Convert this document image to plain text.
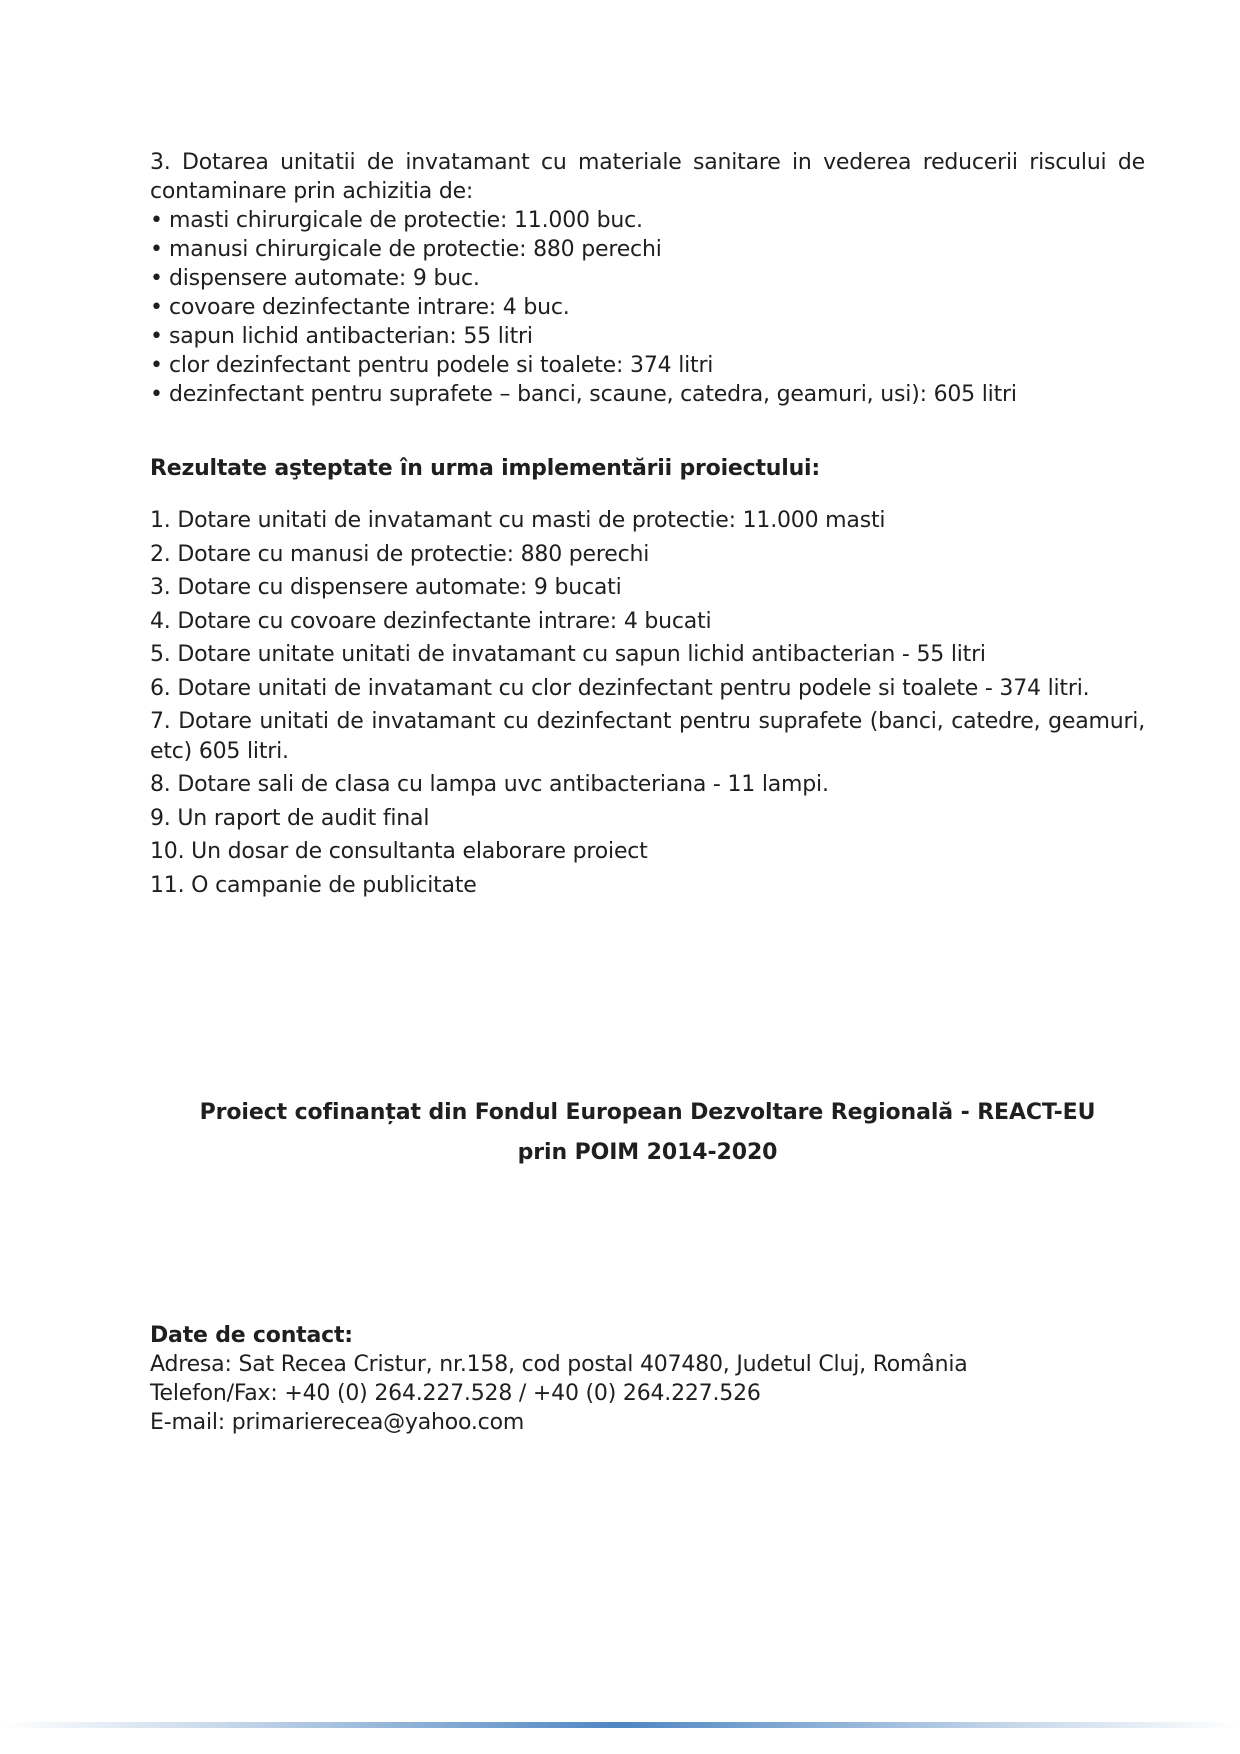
3. Dotarea unitatii de invatamant cu materiale sanitare in vederea reducerii riscului de contaminare prin achizitia de:

• masti chirurgicale de protectie: 11.000 buc.
• manusi chirurgicale de protectie: 880 perechi
• dispensere automate: 9 buc.
• covoare dezinfectante intrare: 4 buc.
• sapun lichid antibacterian: 55 litri
• clor dezinfectant pentru podele si toalete: 374 litri
• dezinfectant pentru suprafete – banci, scaune, catedra, geamuri, usi): 605 litri
Rezultate aşteptate în urma implementării proiectului:
1. Dotare unitati de invatamant cu masti de protectie: 11.000 masti
2. Dotare cu manusi de protectie: 880 perechi
3. Dotare cu dispensere automate: 9 bucati
4. Dotare cu covoare dezinfectante intrare: 4 bucati
5. Dotare unitate unitati de invatamant cu sapun lichid antibacterian - 55 litri
6. Dotare unitati de invatamant cu clor dezinfectant pentru podele si toalete - 374 litri.
7. Dotare unitati de invatamant cu dezinfectant pentru suprafete (banci, catedre, geamuri, etc) 605 litri.
8. Dotare sali de clasa cu lampa uvc antibacteriana - 11 lampi.
9. Un raport de audit final
10. Un dosar de consultanta elaborare proiect
11. O campanie de publicitate
Proiect cofinanțat din Fondul European Dezvoltare Regională - REACT-EU
prin POIM 2014-2020
Date de contact:
Adresa: Sat Recea Cristur, nr.158, cod postal 407480, Judetul Cluj, România
Telefon/Fax: +40 (0) 264.227.528 / +40 (0) 264.227.526
E-mail: primarierecea@yahoo.com
